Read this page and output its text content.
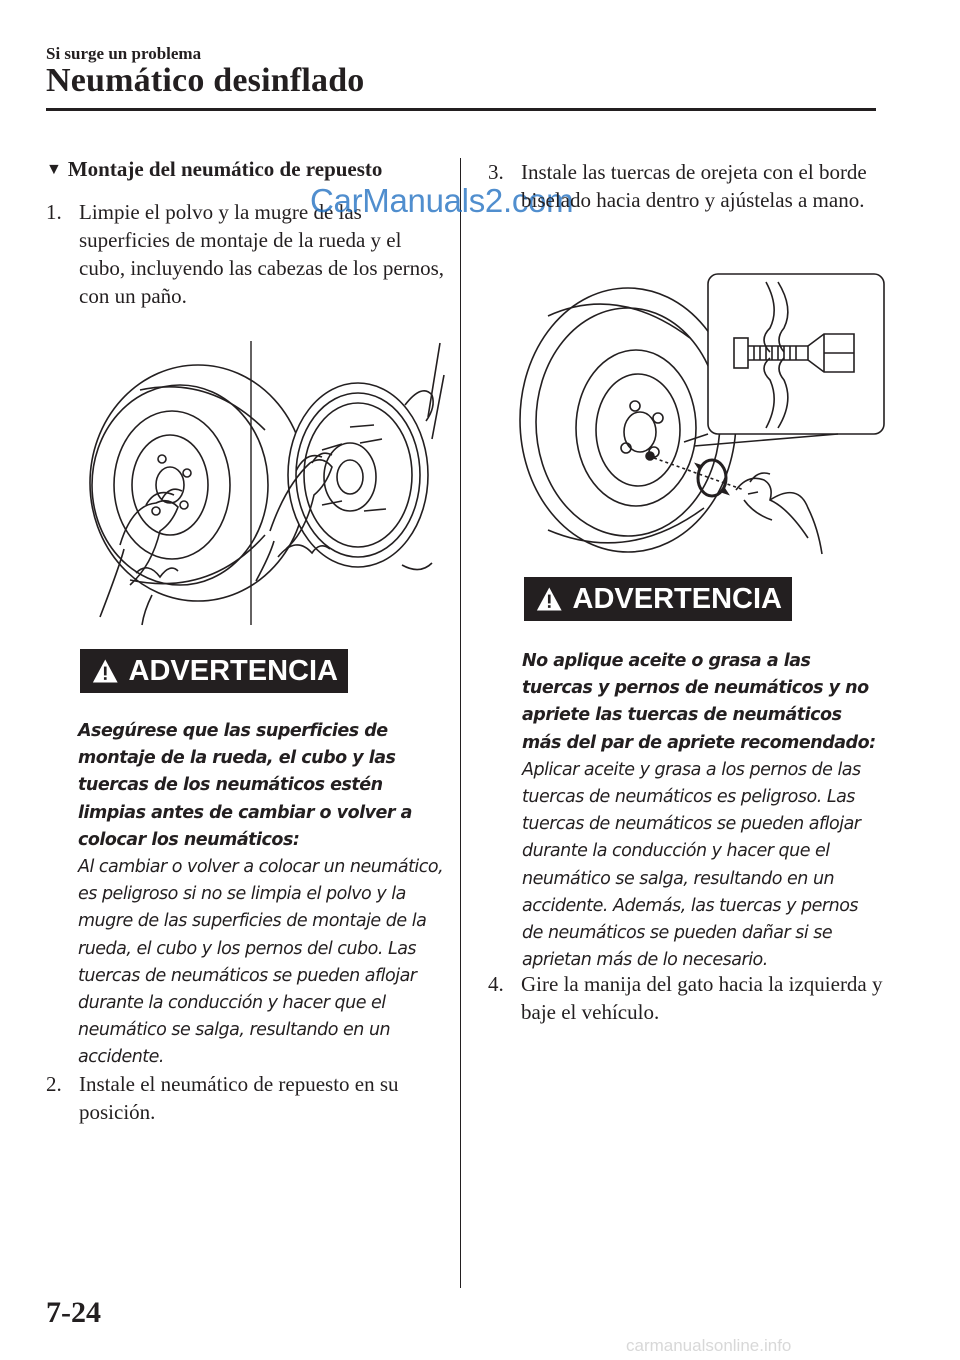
Si surge un problema
Neumático desinflado
▼ Montaje del neumático de repuesto
1. Limpie el polvo y la mugre de las superficies de montaje de la rueda y el cubo, incluyendo las cabezas de los pernos, con un paño.
CarManuals2.com
ADVERTENCIA
Asegúrese que las superficies de montaje de la rueda, el cubo y las tuercas de los neumáticos estén limpias antes de cambiar o volver a colocar los neumáticos:
Al cambiar o volver a colocar un neumático, es peligroso si no se limpia el polvo y la mugre de las superficies de montaje de la rueda, el cubo y los pernos del cubo. Las tuercas de neumáticos se pueden aflojar durante la conducción y hacer que el neumático se salga, resultando en un accidente.
2. Instale el neumático de repuesto en su posición.
3. Instale las tuercas de orejeta con el borde biselado hacia dentro y ajústelas a mano.
ADVERTENCIA
No aplique aceite o grasa a las tuercas y pernos de neumáticos y no apriete las tuercas de neumáticos más del par de apriete recomendado:
Aplicar aceite y grasa a los pernos de las tuercas de neumáticos es peligroso. Las tuercas de neumáticos se pueden aflojar durante la conducción y hacer que el neumático se salga, resultando en un accidente. Además, las tuercas y pernos de neumáticos se pueden dañar si se aprietan más de lo necesario.
4. Gire la manija del gato hacia la izquierda y baje el vehículo.
7-24
carmanualsonline.info
